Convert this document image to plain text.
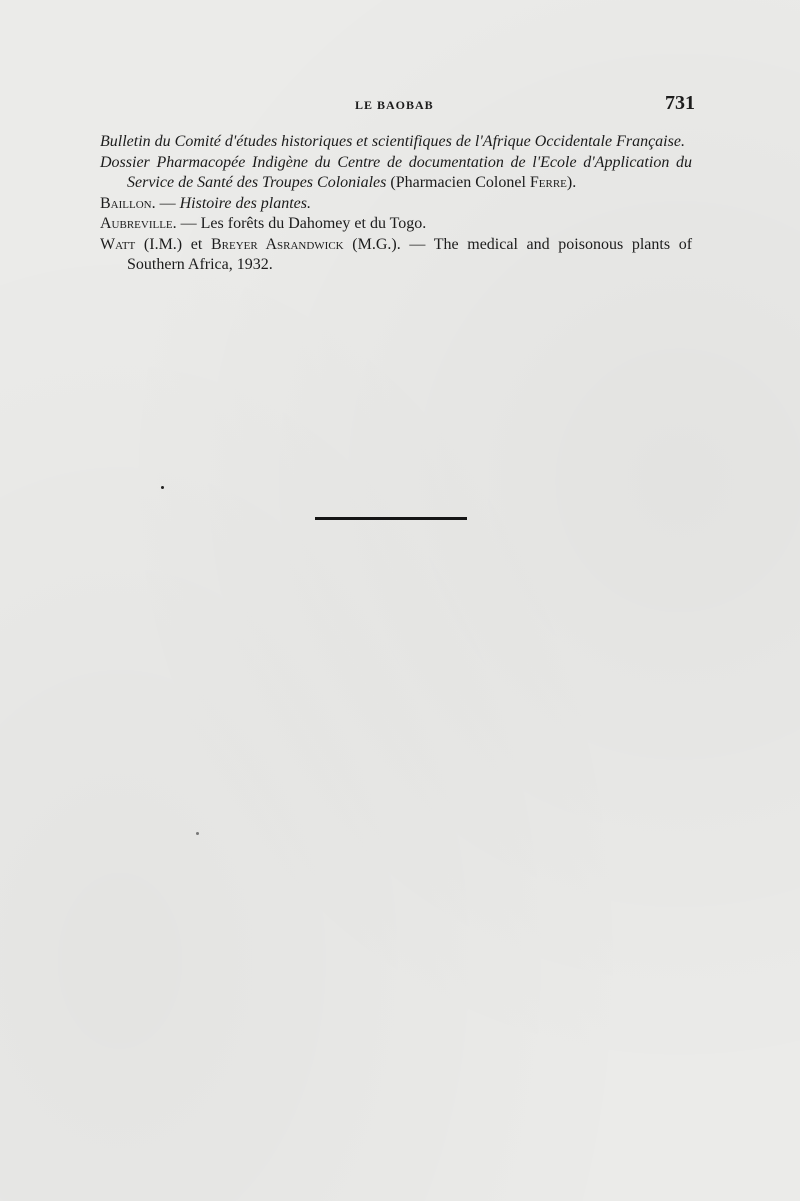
LE BAOBAB	731

Bulletin du Comité d'études historiques et scientifiques de l'Afrique Occidentale Française.

Dossier Pharmacopée Indigène du Centre de documentation de l'Ecole d'Application du Service de Santé des Troupes Coloniales (Pharmacien Colonel Ferre).

Baillon. — Histoire des plantes.

Aubreville. — Les forêts du Dahomey et du Togo.

Watt (I.M.) et Breyer Asrandwick (M.G.). — The medical and poisonous plants of Southern Africa, 1932.
